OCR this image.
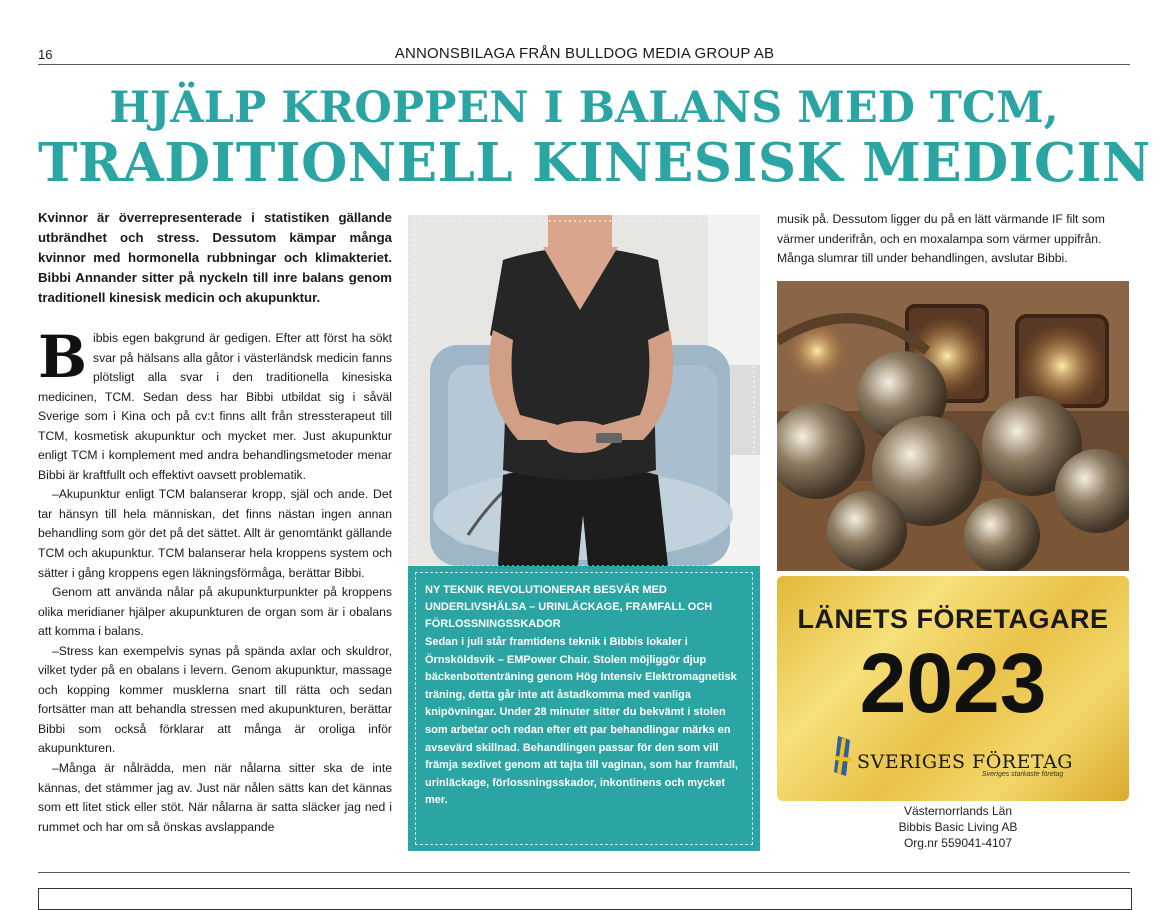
16	ANNONSBILAGA FRÅN BULLDOG MEDIA GROUP AB
HJÄLP KROPPEN I BALANS MED TCM,
TRADITIONELL KINESISK MEDICIN
Kvinnor är överrepresenterade i statistiken gällande utbrändhet och stress. Dessutom kämpar många kvinnor med hormonella rubbningar och klimakteriet. Bibbi Annander sitter på nyckeln till inre balans genom traditionell kinesisk medicin och akupunktur.

Bibbis egen bakgrund är gedigen. Efter att först ha sökt svar på hälsans alla gåtor i västerländsk medicin fanns plötsligt alla svar i den traditionella kinesiska medicinen, TCM. Sedan dess har Bibbi utbildat sig i såväl Sverige som i Kina och på cv:t finns allt från stressterapeut till TCM, kosmetisk akupunktur och mycket mer. Just akupunktur enligt TCM i komplement med andra behandlingsmetoder menar Bibbi är kraftfullt och effektivt oavsett problematik.

–Akupunktur enligt TCM balanserar kropp, själ och ande. Det tar hänsyn till hela människan, det finns nästan ingen annan behandling som gör det på det sättet. Allt är genomtänkt gällande TCM och akupunktur. TCM balanserar hela kroppens system och sätter i gång kroppens egen läkningsförmåga, berättar Bibbi.

Genom att använda nålar på akupunkturpunkter på kroppens olika meridianer hjälper akupunkturen de organ som är i obalans att komma i balans.

–Stress kan exempelvis synas på spända axlar och skuldror, vilket tyder på en obalans i levern. Genom akupunktur, massage och kopping kommer musklerna snart till rätta och sedan fortsätter man att behandla stressen med akupunkturen, berättar Bibbi som också förklarar att många är oroliga inför akupunkturen.

–Många är nålrädda, men när nålarna sitter ska de inte kännas, det stämmer jag av. Just när nålen sätts kan det kännas som ett litet stick eller stöt. När nålarna är satta släcker jag ned i rummet och har om så önskas avslappande

NY TEKNIK REVOLUTIONERAR BESVÄR MED UNDERLIVSHÄLSA – URINLÄCKAGE, FRAMFALL OCH FÖRLOSSNINGSSKADOR
Sedan i juli står framtidens teknik i Bibbis lokaler i Örnsköldsvik – EMPower Chair. Stolen möjliggör djup bäckenbottenträning genom Hög Intensiv Elektromagnetisk träning, detta går inte att åstadkomma med vanliga knipövningar. Under 28 minuter sitter du bekvämt i stolen som arbetar och redan efter ett par behandlingar märks en avsevärd skillnad. Behandlingen passar för den som vill främja sexlivet genom att tajta till vaginan, som har framfall, urinläckage, förlossningsskador, inkontinens och mycket mer.
musik på. Dessutom ligger du på en lätt värmande IF filt som värmer underifrån, och en moxalampa som värmer uppifrån. Många slumrar till under behandlingen, avslutar Bibbi.
LÄNETS FÖRETAGARE
2023
SVERIGES FÖRETAG
Sveriges starkaste företag
Västernorrlands Län
Bibbis Basic Living AB
Org.nr 559041-4107
